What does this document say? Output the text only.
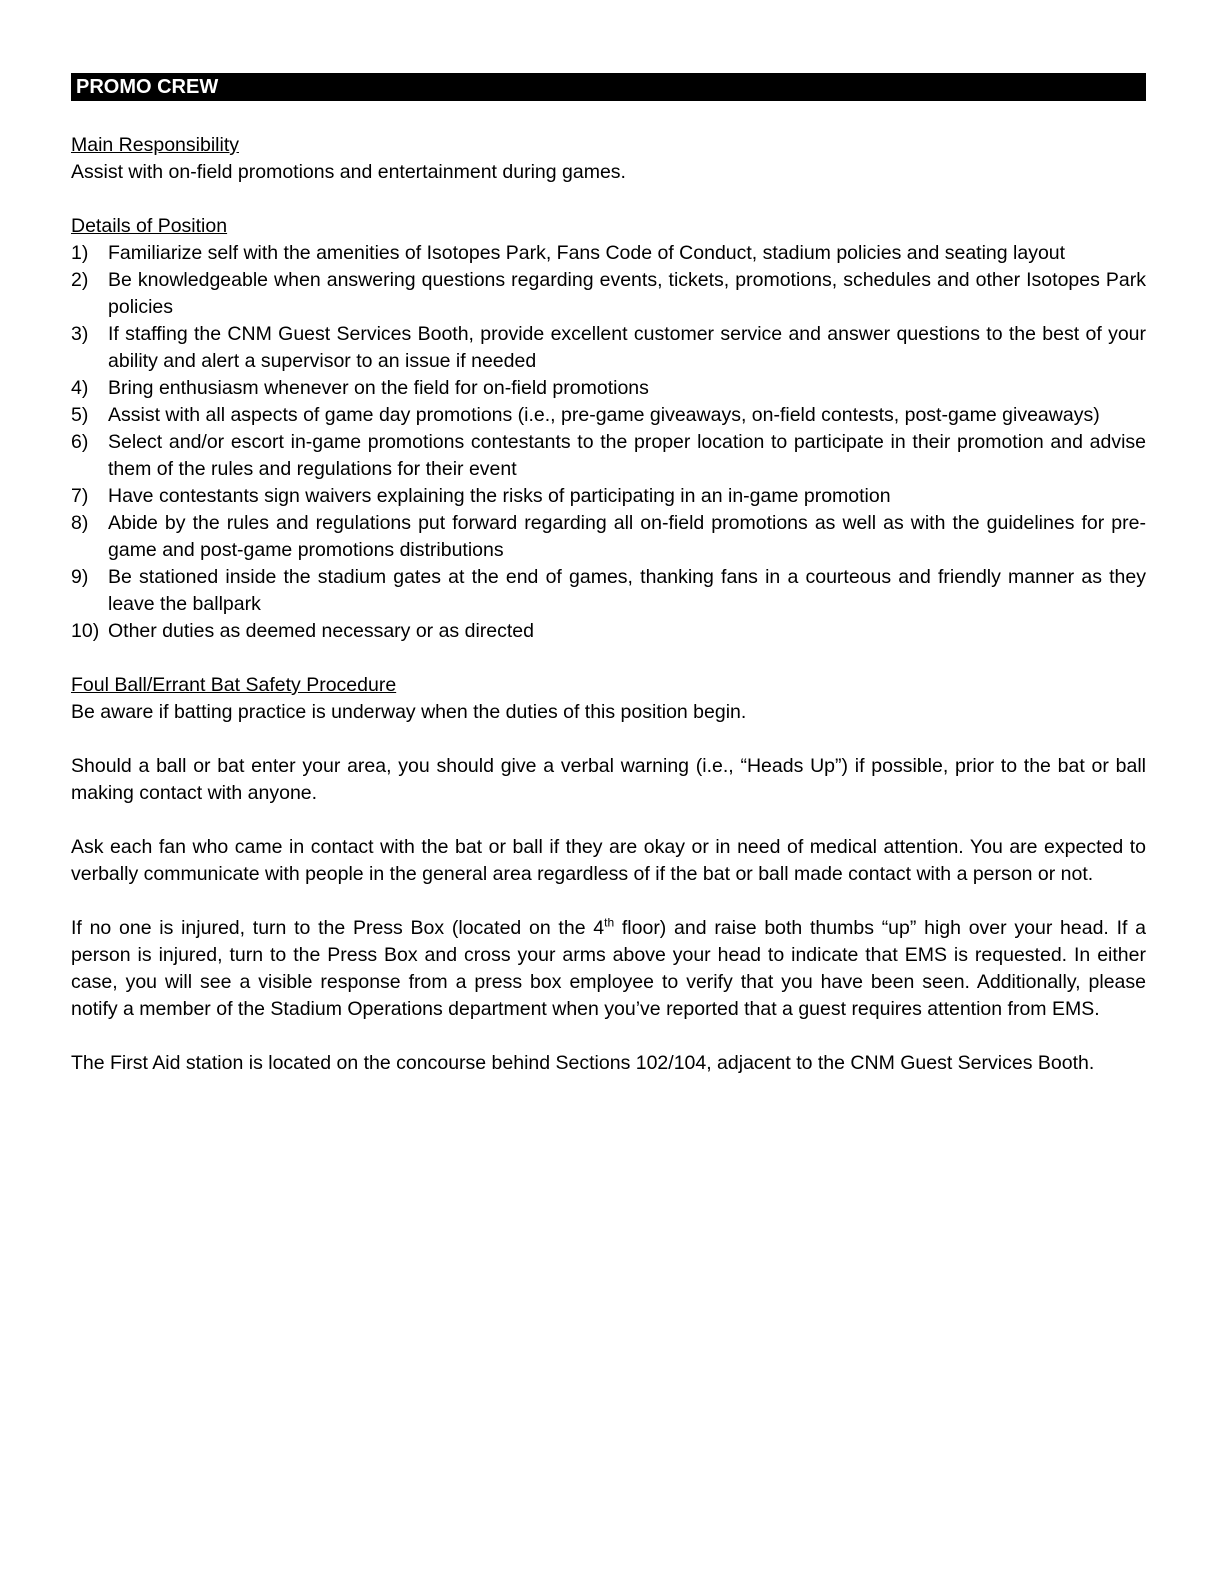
PROMO CREW
Main Responsibility

Assist with on-field promotions and entertainment during games.

Details of Position
1) Familiarize self with the amenities of Isotopes Park, Fans Code of Conduct, stadium policies and seating layout
2) Be knowledgeable when answering questions regarding events, tickets, promotions, schedules and other Isotopes Park policies
3) If staffing the CNM Guest Services Booth, provide excellent customer service and answer questions to the best of your ability and alert a supervisor to an issue if needed
4) Bring enthusiasm whenever on the field for on-field promotions
5) Assist with all aspects of game day promotions (i.e., pre-game giveaways, on-field contests, post-game giveaways)
6) Select and/or escort in-game promotions contestants to the proper location to participate in their promotion and advise them of the rules and regulations for their event
7) Have contestants sign waivers explaining the risks of participating in an in-game promotion
8) Abide by the rules and regulations put forward regarding all on-field promotions as well as with the guidelines for pre-game and post-game promotions distributions
9) Be stationed inside the stadium gates at the end of games, thanking fans in a courteous and friendly manner as they leave the ballpark
10) Other duties as deemed necessary or as directed
Foul Ball/Errant Bat Safety Procedure

Be aware if batting practice is underway when the duties of this position begin.

Should a ball or bat enter your area, you should give a verbal warning (i.e., “Heads Up”) if possible, prior to the bat or ball making contact with anyone.

Ask each fan who came in contact with the bat or ball if they are okay or in need of medical attention. You are expected to verbally communicate with people in the general area regardless of if the bat or ball made contact with a person or not.

If no one is injured, turn to the Press Box (located on the 4th floor) and raise both thumbs “up” high over your head. If a person is injured, turn to the Press Box and cross your arms above your head to indicate that EMS is requested. In either case, you will see a visible response from a press box employee to verify that you have been seen. Additionally, please notify a member of the Stadium Operations department when you’ve reported that a guest requires attention from EMS.

The First Aid station is located on the concourse behind Sections 102/104, adjacent to the CNM Guest Services Booth.
